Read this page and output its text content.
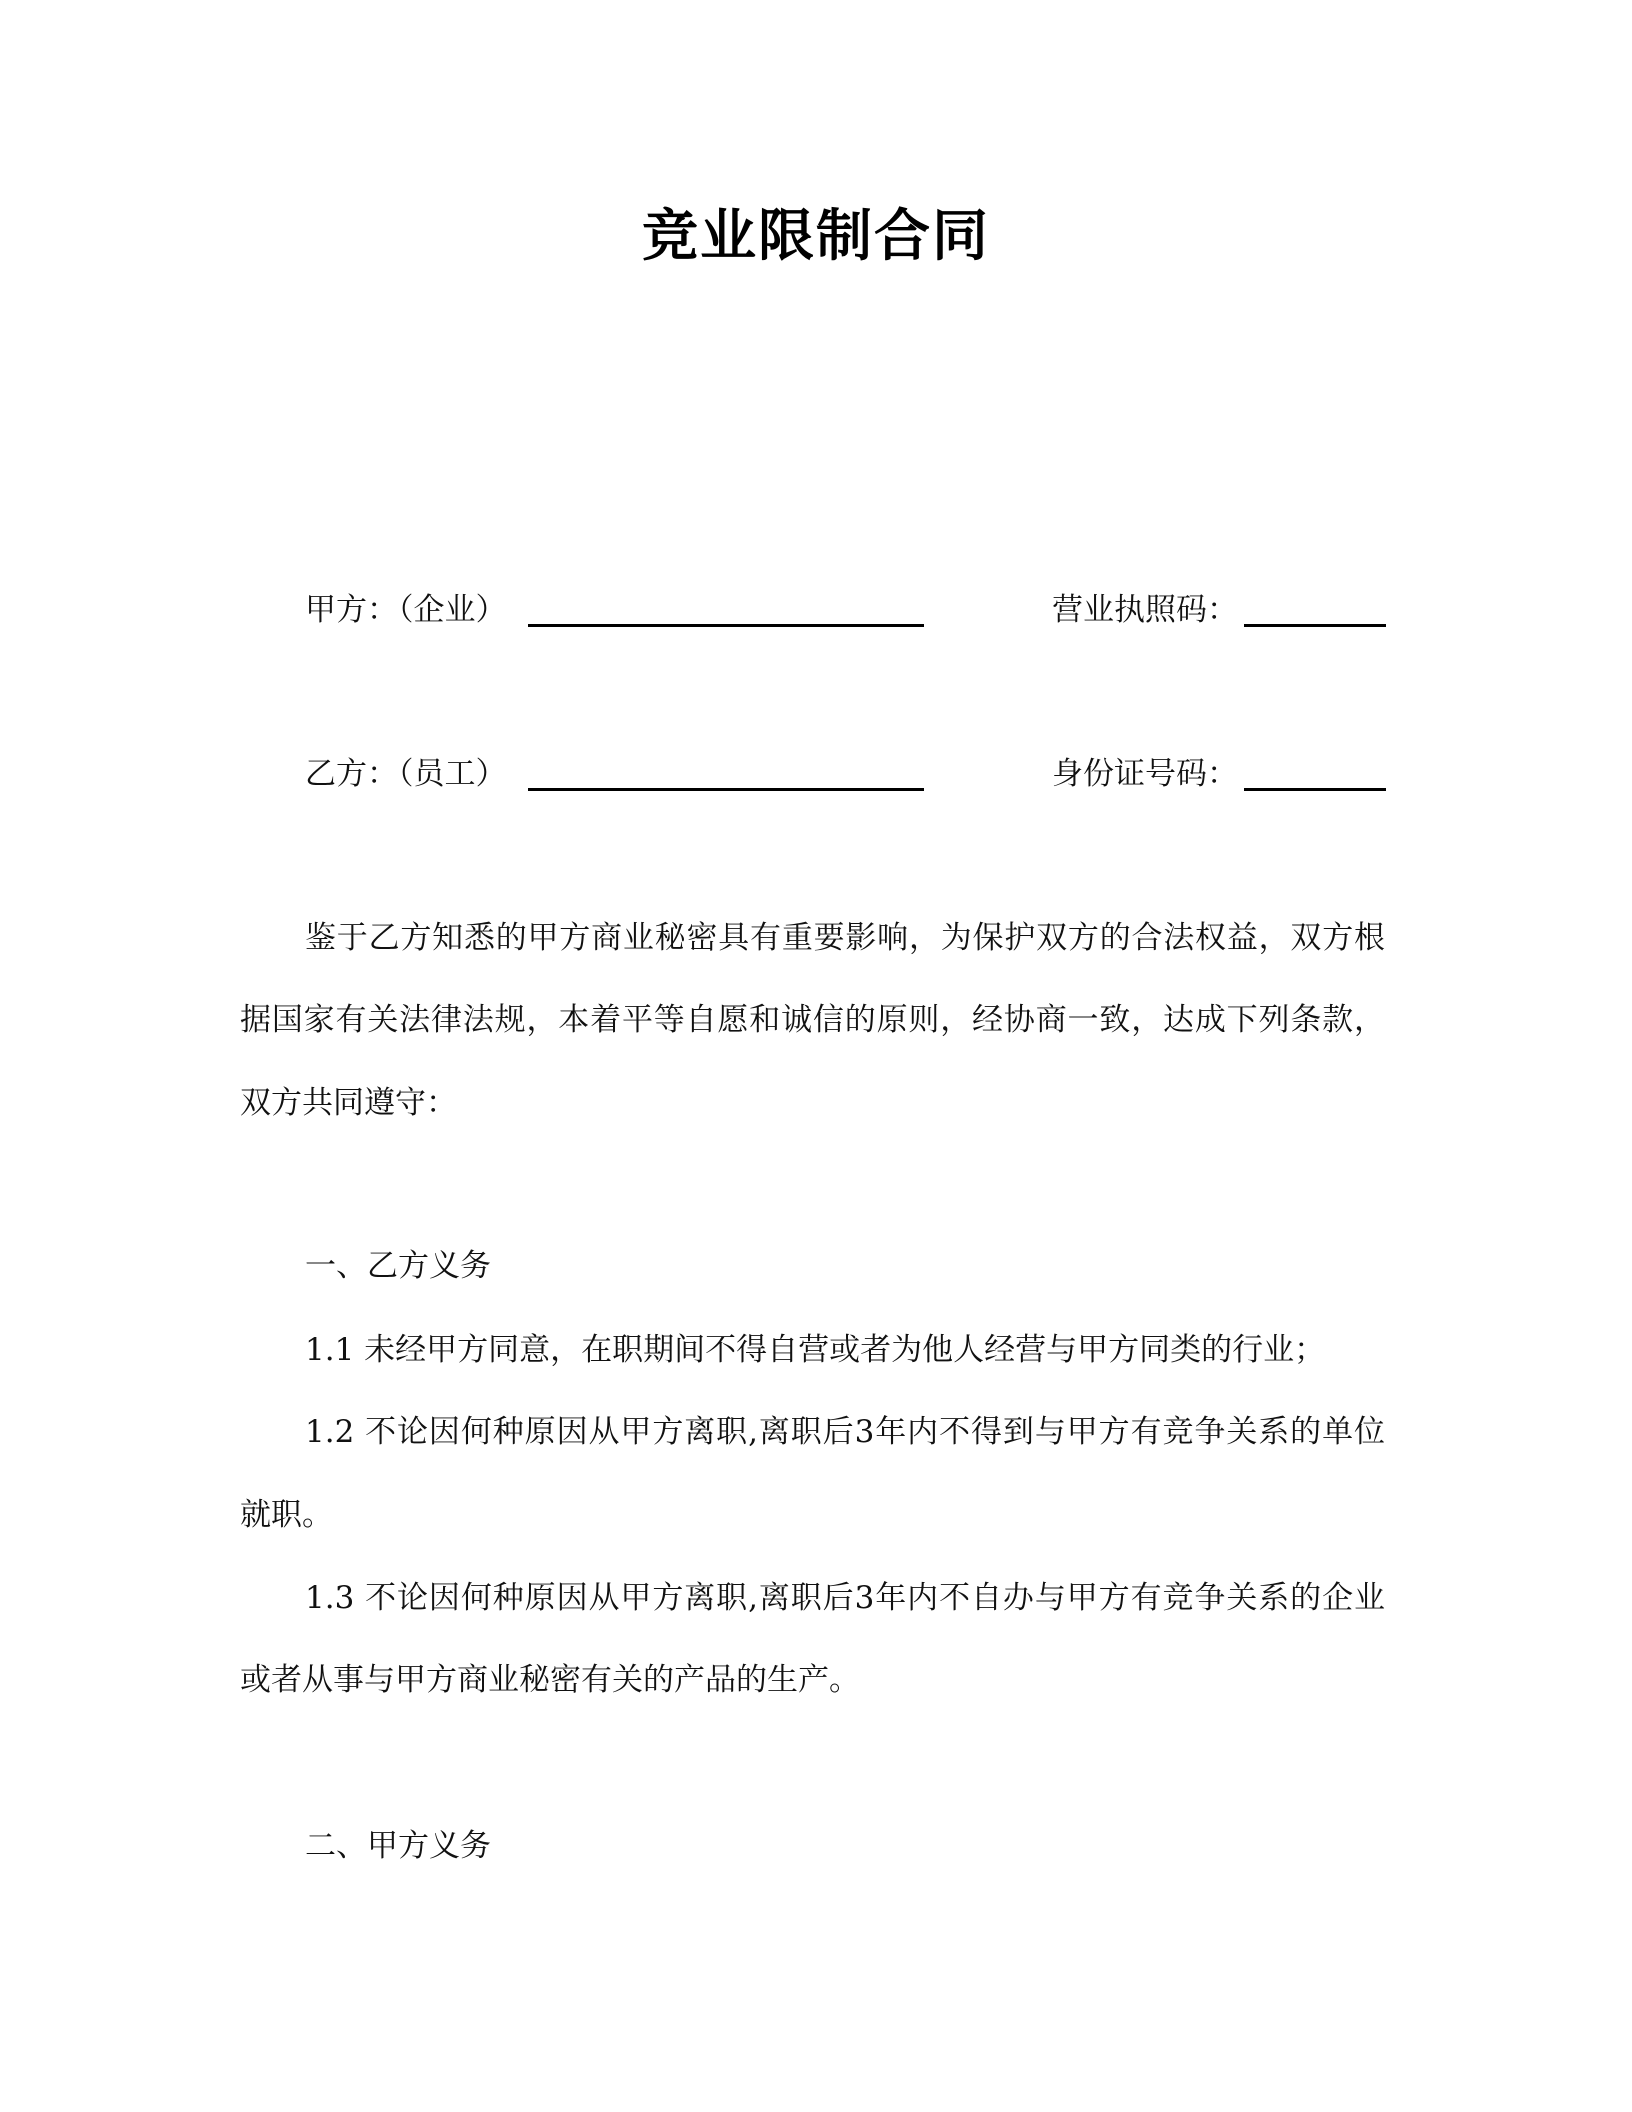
竞业限制合同
甲方：（企业）	营业执照码：
乙方：（员工）	身份证号码：
鉴于乙方知悉的甲方商业秘密具有重要影响，为保护双方的合法权益，双方根
据国家有关法律法规，本着平等自愿和诚信的原则，经协商一致，达成下列条款，
双方共同遵守：
一、乙方义务
1.1 未经甲方同意，在职期间不得自营或者为他人经营与甲方同类的行业；
1.2 不论因何种原因从甲方离职,离职后3年内不得到与甲方有竞争关系的单位
就职。
1.3 不论因何种原因从甲方离职,离职后3年内不自办与甲方有竞争关系的企业
或者从事与甲方商业秘密有关的产品的生产。
二、甲方义务
